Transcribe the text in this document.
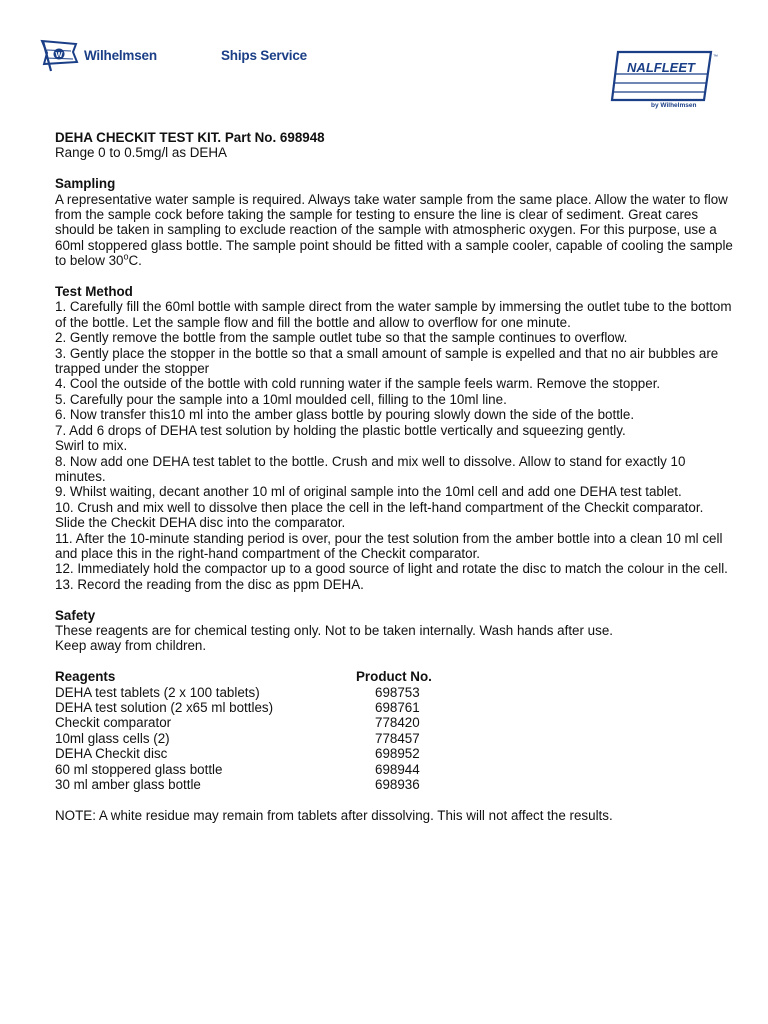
W Wilhelmsen	Ships Service
NALFLEET
™
by Wilhelmsen

DEHA CHECKIT TEST KIT. Part No. 698948

Range 0 to 0.5mg/l as DEHA

Sampling

A representative water sample is required. Always take water sample from the same place. Allow the water to flow from the sample cock before taking the sample for testing to ensure the line is clear of sediment. Great cares should be taken in sampling to exclude reaction of the sample with atmospheric oxygen. For this purpose, use a 60ml stoppered glass bottle. The sample point should be fitted with a sample cooler, capable of cooling the sample to below 30$^o$C.

Test Method

1. Carefully fill the 60ml bottle with sample direct from the water sample by immersing the outlet tube to the bottom of the bottle. Let the sample flow and fill the bottle and allow to overflow for one minute.

2. Gently remove the bottle from the sample outlet tube so that the sample continues to overflow.

3. Gently place the stopper in the bottle so that a small amount of sample is expelled and that no air bubbles are trapped under the stopper

4. Cool the outside of the bottle with cold running water if the sample feels warm. Remove the stopper.

5. Carefully pour the sample into a 10ml moulded cell, filling to the 10ml line.

6. Now transfer this10 ml into the amber glass bottle by pouring slowly down the side of the bottle.

7. Add 6 drops of DEHA test solution by holding the plastic bottle vertically and squeezing gently.

Swirl to mix.

8. Now add one DEHA test tablet to the bottle. Crush and mix well to dissolve. Allow to stand for exactly 10 minutes.

9. Whilst waiting, decant another 10 ml of original sample into the 10ml cell and add one DEHA test tablet.

10. Crush and mix well to dissolve then place the cell in the left-hand compartment of the Checkit comparator. Slide the Checkit DEHA disc into the comparator.

11. After the 10-minute standing period is over, pour the test solution from the amber bottle into a clean 10 ml cell and place this in the right-hand compartment of the Checkit comparator.

12. Immediately hold the compactor up to a good source of light and rotate the disc to match the colour in the cell.

13. Record the reading from the disc as ppm DEHA.

Safety

These reagents are for chemical testing only. Not to be taken internally. Wash hands after use.

Keep away from children.

Reagents	Product No.
DEHA test tablets (2 x 100 tablets)	698753
DEHA test solution (2 x65 ml bottles)	698761
Checkit comparator	778420
10ml glass cells (2)	778457
DEHA Checkit disc	698952
60 ml stoppered glass bottle	698944
30 ml amber glass bottle	698936

NOTE: A white residue may remain from tablets after dissolving. This will not affect the results.
